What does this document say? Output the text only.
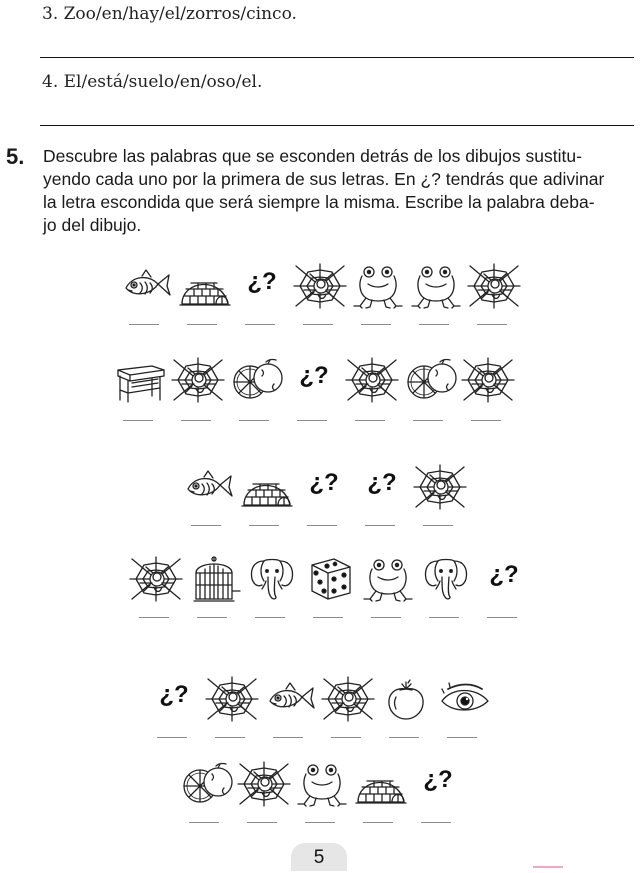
3. Zoo/en/hay/el/zorros/cinco.
4. El/está/suelo/en/oso/el.
5. Descubre las palabras que se esconden detrás de los dibujos sustitu-
yendo cada uno por la primera de sus letras. En ¿? tendrás que adivinar
la letra escondida que será siempre la misma. Escribe la palabra deba-
jo del dibujo.
¿?
¿?
¿?	¿?
¿?
¿?
¿?
5
